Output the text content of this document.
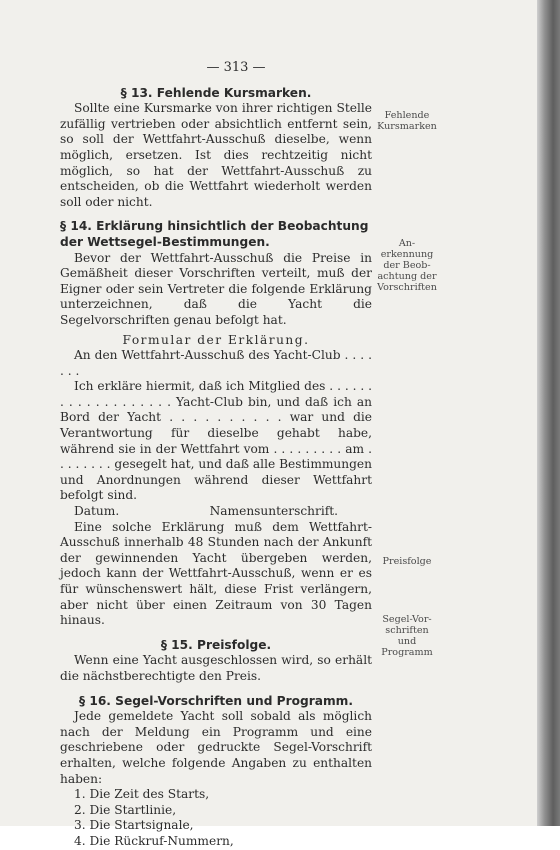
— 313 —
§ 13. Fehlende Kursmarken.
Sollte eine Kursmarke von ihrer richtigen Stelle zufällig vertrieben oder absichtlich entfernt sein, so soll der Wettfahrt-Ausschuß dieselbe, wenn möglich, ersetzen. Ist dies rechtzeitig nicht möglich, so hat der Wettfahrt-Ausschuß zu entscheiden, ob die Wettfahrt wiederholt werden soll oder nicht.
§ 14. Erklärung hinsichtlich der Beobachtung der Wettsegel-Bestimmungen.
Bevor der Wettfahrt-Ausschuß die Preise in Gemäßheit dieser Vorschriften verteilt, muß der Eigner oder sein Vertreter die folgende Erklärung unterzeichnen, daß die Yacht die Segelvorschriften genau befolgt hat.
Formular der Erklärung.
An den Wettfahrt-Ausschuß des Yacht-Club . . . . . . .
Ich erkläre hiermit, daß ich Mitglied des . . . . . . . . . . . . . . . . . . . Yacht-Club bin, und daß ich an Bord der Yacht . . . . . . . . . . war und die Verantwortung für dieselbe gehabt habe, während sie in der Wettfahrt vom . . . . . . . . . am . . . . . . . . gesegelt hat, und daß alle Bestimmungen und Anordnungen während dieser Wettfahrt befolgt sind.
Datum.	Namensunterschrift.
Eine solche Erklärung muß dem Wettfahrt-Ausschuß innerhalb 48 Stunden nach der Ankunft der gewinnenden Yacht übergeben werden, jedoch kann der Wettfahrt-Ausschuß, wenn er es für wünschenswert hält, diese Frist verlängern, aber nicht über einen Zeitraum von 30 Tagen hinaus.
§ 15. Preisfolge.
Wenn eine Yacht ausgeschlossen wird, so erhält die nächstberechtigte den Preis.
§ 16. Segel-Vorschriften und Programm.
Jede gemeldete Yacht soll sobald als möglich nach der Meldung ein Programm und eine geschriebene oder gedruckte Segel-Vorschrift erhalten, welche folgende Angaben zu enthalten haben:
1. Die Zeit des Starts,
2. Die Startlinie,
3. Die Startsignale,
4. Die Rückruf-Nummern,
Fehlende Kursmarken
An-erkennung der Beob-achtung der Vorschriften
Preisfolge
Segel-Vor-schriften und Programm
